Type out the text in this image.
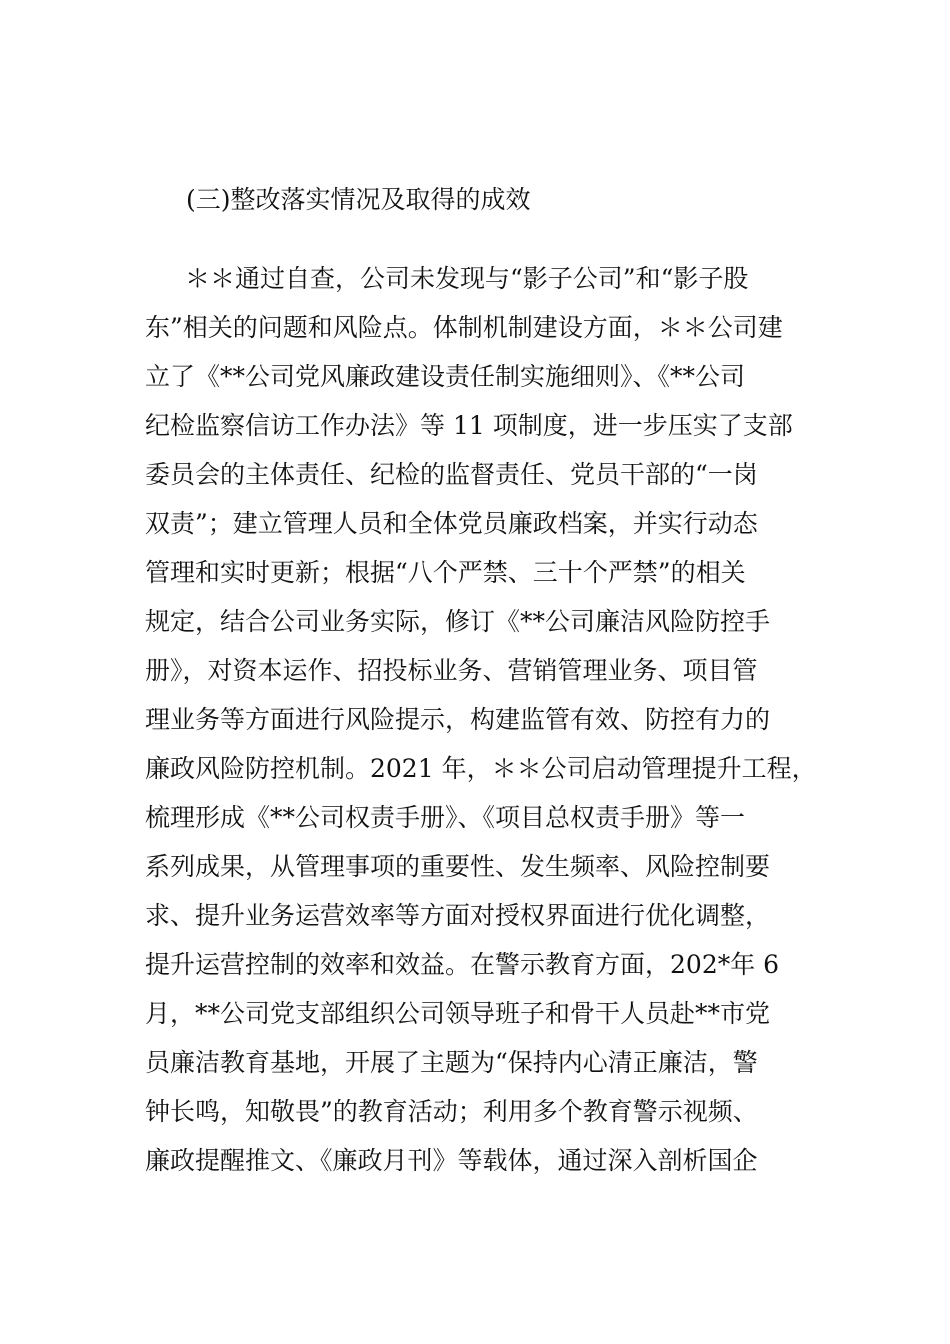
(三)整改落实情况及取得的成效
＊＊通过自查，公司未发现与“影子公司”和“影子股
东”相关的问题和风险点。体制机制建设方面，＊＊公司建
立了《**公司党风廉政建设责任制实施细则》、《**公司
纪检监察信访工作办法》等 11 项制度，进一步压实了支部
委员会的主体责任、纪检的监督责任、党员干部的“一岗
双责”；建立管理人员和全体党员廉政档案，并实行动态
管理和实时更新；根据“八个严禁、三十个严禁”的相关
规定，结合公司业务实际，修订《**公司廉洁风险防控手
册》，对资本运作、招投标业务、营销管理业务、项目管
理业务等方面进行风险提示，构建监管有效、防控有力的
廉政风险防控机制。2021 年，＊＊公司启动管理提升工程，
梳理形成《**公司权责手册》、《项目总权责手册》等一
系列成果，从管理事项的重要性、发生频率、风险控制要
求、提升业务运营效率等方面对授权界面进行优化调整，
提升运营控制的效率和效益。在警示教育方面，202*年 6
月，**公司党支部组织公司领导班子和骨干人员赴**市党
员廉洁教育基地，开展了主题为“保持内心清正廉洁，警
钟长鸣，知敬畏”的教育活动；利用多个教育警示视频、
廉政提醒推文、《廉政月刊》等载体，通过深入剖析国企
